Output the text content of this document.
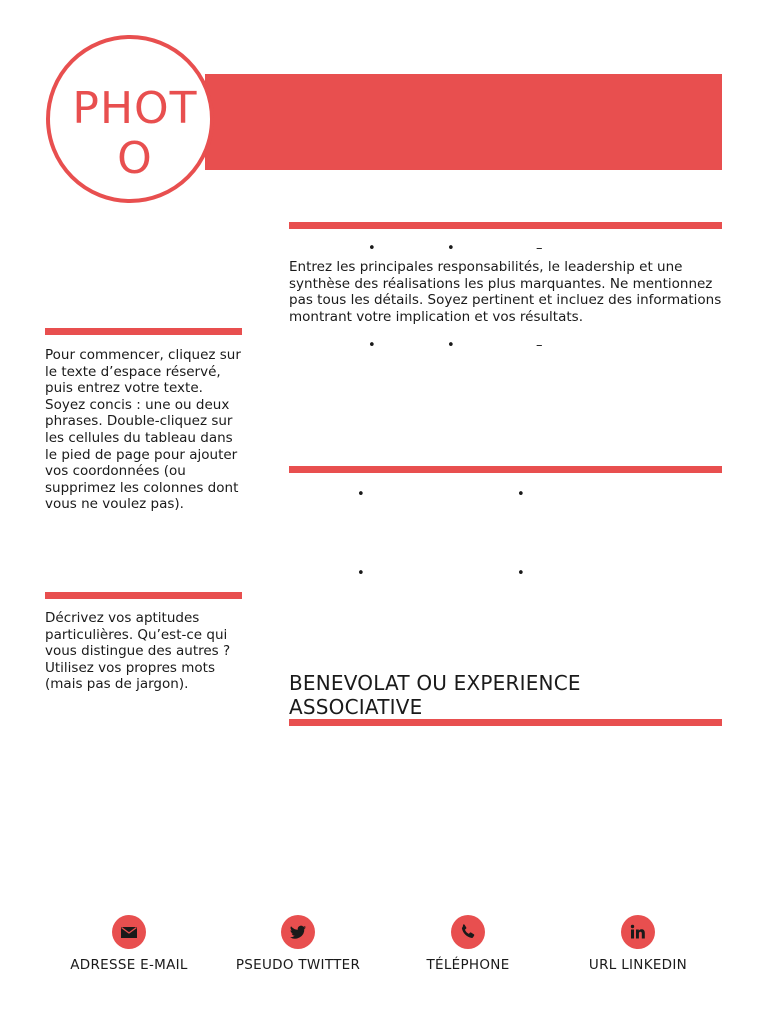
PHOTO
•	•	–
Entrez les principales responsabilités, le leadership et une synthèse des réalisations les plus marquantes. Ne mentionnez pas tous les détails. Soyez pertinent et incluez des informations montrant votre implication et vos résultats.
•	•	–
•	•
•	•
BENEVOLAT OU EXPERIENCE ASSOCIATIVE
Pour commencer, cliquez sur le texte d’espace réservé, puis entrez votre texte. Soyez concis : une ou deux phrases. Double-cliquez sur les cellules du tableau dans le pied de page pour ajouter vos coordonnées (ou supprimez les colonnes dont vous ne voulez pas).
Décrivez vos aptitudes particulières. Qu’est-ce qui vous distingue des autres ? Utilisez vos propres mots (mais pas de jargon).
ADRESSE E-MAIL	PSEUDO TWITTER	TÉLÉPHONE	URL LINKEDIN
